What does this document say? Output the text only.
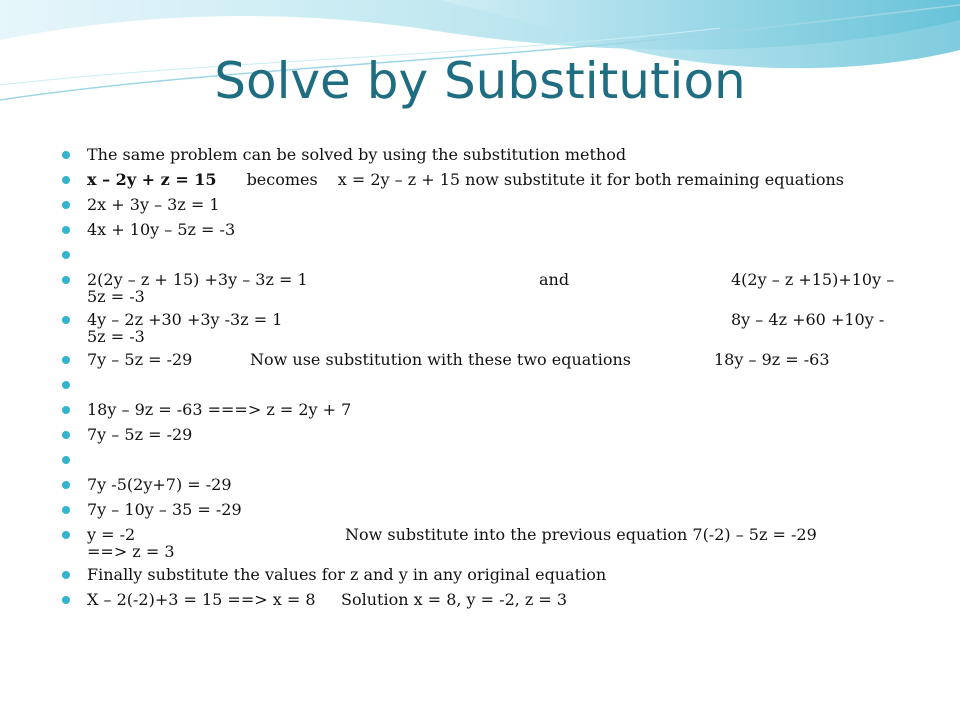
Solve by Substitution
The same problem can be solved by using the substitution method
x – 2y + z = 15 becomes x = 2y – z + 15 now substitute it for both remaining equations
2x + 3y – 3z = 1
4x + 10y – 5z = -3
2(2y – z + 15) +3y – 3z = 1	and	4(2y – z +15)+10y –
5z = -3
4y – 2z +30 +3y -3z = 1	8y – 4z +60 +10y -
5z = -3
7y – 5z = -29	Now use substitution with these two equations	18y – 9z = -63
18y – 9z = -63 ===> z = 2y + 7
7y – 5z = -29
7y -5(2y+7) = -29
7y – 10y – 35 = -29
y = -2	Now substitute into the previous equation 7(-2) – 5z = -29
==> z = 3
Finally substitute the values for z and y in any original equation
X – 2(-2)+3 = 15 ==> x = 8 Solution x = 8, y = -2, z = 3
